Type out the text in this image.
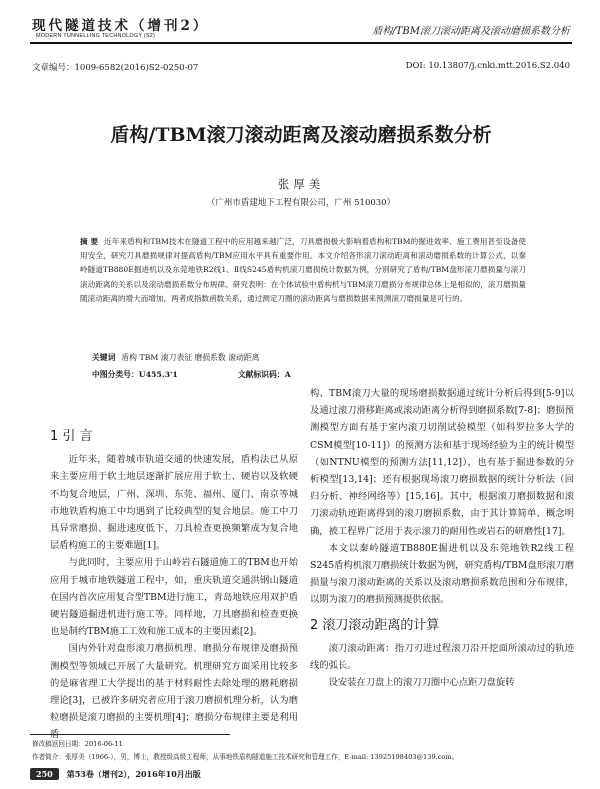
现代隧道技术（增刊2）
MODERN TUNNELLING TECHNOLOGY (S2)	盾构/TBM滚刀滚动距离及滚动磨损系数分析
文章编号：1009-6582(2016)S2-0250-07	DOI: 10.13807/j.cnki.mtt.2016.S2.040
盾构/TBM滚刀滚动距离及滚动磨损系数分析
张厚美
（广州市盾建地下工程有限公司，广州 510030）
摘 要 近年来盾构和TBM技术在隧道工程中的应用越来越广泛，刀具磨损极大影响着盾构和TBM的掘进效率、施工费用甚至设备使用安全，研究刀具磨损规律对提高盾构/TBM应用水平具有重要作用。本文介绍各形滚刀滚动距离和滚动磨损系数的计算公式，以秦岭隧道TB880E掘进机以及东莞地铁R2线1、Ⅱ线S245盾构机滚刀磨损统计数据为例，分别研究了盾构/TBM盘形滚刀磨损量与滚刀滚动距离的关系以及滚动磨损系数分布规律。研究表明：在个体试验中盾构机与TBM滚刀磨损分布规律总体上是相似的，滚刀磨损量随滚动距离的增大而增加，两者成指数函数关系，通过测定刀圈的滚动距离与磨损数据来预测滚刀磨损量是可行的。
关键词 盾构 TBM 滚刀表征 磨损系数 滚动距离
中图分类号：U455.3'1	文献标识码：A
1 引 言

近年来，随着城市轨道交通的快速发展，盾构法已从原来主要应用于软土地层逐渐扩展应用于软土、硬岩以及软硬不均复合地层，广州、深圳、东莞、福州、厦门、南京等城市地铁盾构施工中均遇到了比较典型的复合地层。施工中刀具异常磨损、掘进速度低下，刀具检查更换频繁成为复合地层盾构施工的主要难题[1]。

与此同时，主要应用于山岭岩石隧道施工的TBM也开始应用于城市地铁隧道工程中，如，重庆轨道交通洪钢山隧道在国内首次应用复合型TBM进行施工，青岛地铁应用双护盾硬岩隧道掘进机进行施工等。同样地，刀具磨损和检查更换也是制约TBM施工工效和施工成本的主要因素[2]。

国内外针对盘形滚刀磨损机理、磨损分布规律及磨损预测模型等领域已开展了大量研究。机理研究方面采用比较多的是麻省理工大学提出的基于材料耐性去除处理的磨耗磨损理论[3]，已被许多研究者应用于滚刀磨损机理分析，认为磨粒磨损是滚刀磨损的主要机理[4]；磨损分布规律主要是利用盾

构、TBM滚刀大量的现场磨损数据通过统计分析后得到[5-9]以及通过滚刀滑移距离或滚动距离分析得到磨损系数[7-8]；磨损预测模型方面有基于室内滚刀切削试验模型（如科罗拉多大学的CSM模型[10-11]）的预测方法和基于现场经验为主的统计模型（如NTNU模型的预测方法[11,12]），也有基于掘进参数的分析模型[13,14]；还有根据现场滚刀磨损数据的统计分析法（回归分析、神经网络等）[15,16]。其中，根据滚刀磨损数据和滚刀滚动轨迹距离得到的滚刀磨损系数，由于其计算简单、概念明确，被工程界广泛用于表示滚刀的耐用性或岩石的研磨性[17]。

本文以秦岭隧道TB880E掘进机以及东莞地铁R2线工程S245盾构机滚刀磨损统计数据为例，研究盾构/TBM盘形滚刀磨损量与滚刀滚动距离的关系以及滚动磨损系数范围和分布规律，以期为滚刀的磨损预测提供依据。

2 滚刀滚动距离的计算

滚刀滚动距离：指刀刃进过程滚刀沿开挖面所滚动过的轨迹线的弧长。

设安装在刀盘上的滚刀刀圈中心点距刀盘旋转

修改稿返回日期：2016-06-11
作者简介：张厚美（1966-），男，博士，教授级高级工程师，从事地铁盾构隧道施工技术研究和管理工作，E-mail: 13925198403@139.com。
250 第53卷（增刊2），2016年10月出版
